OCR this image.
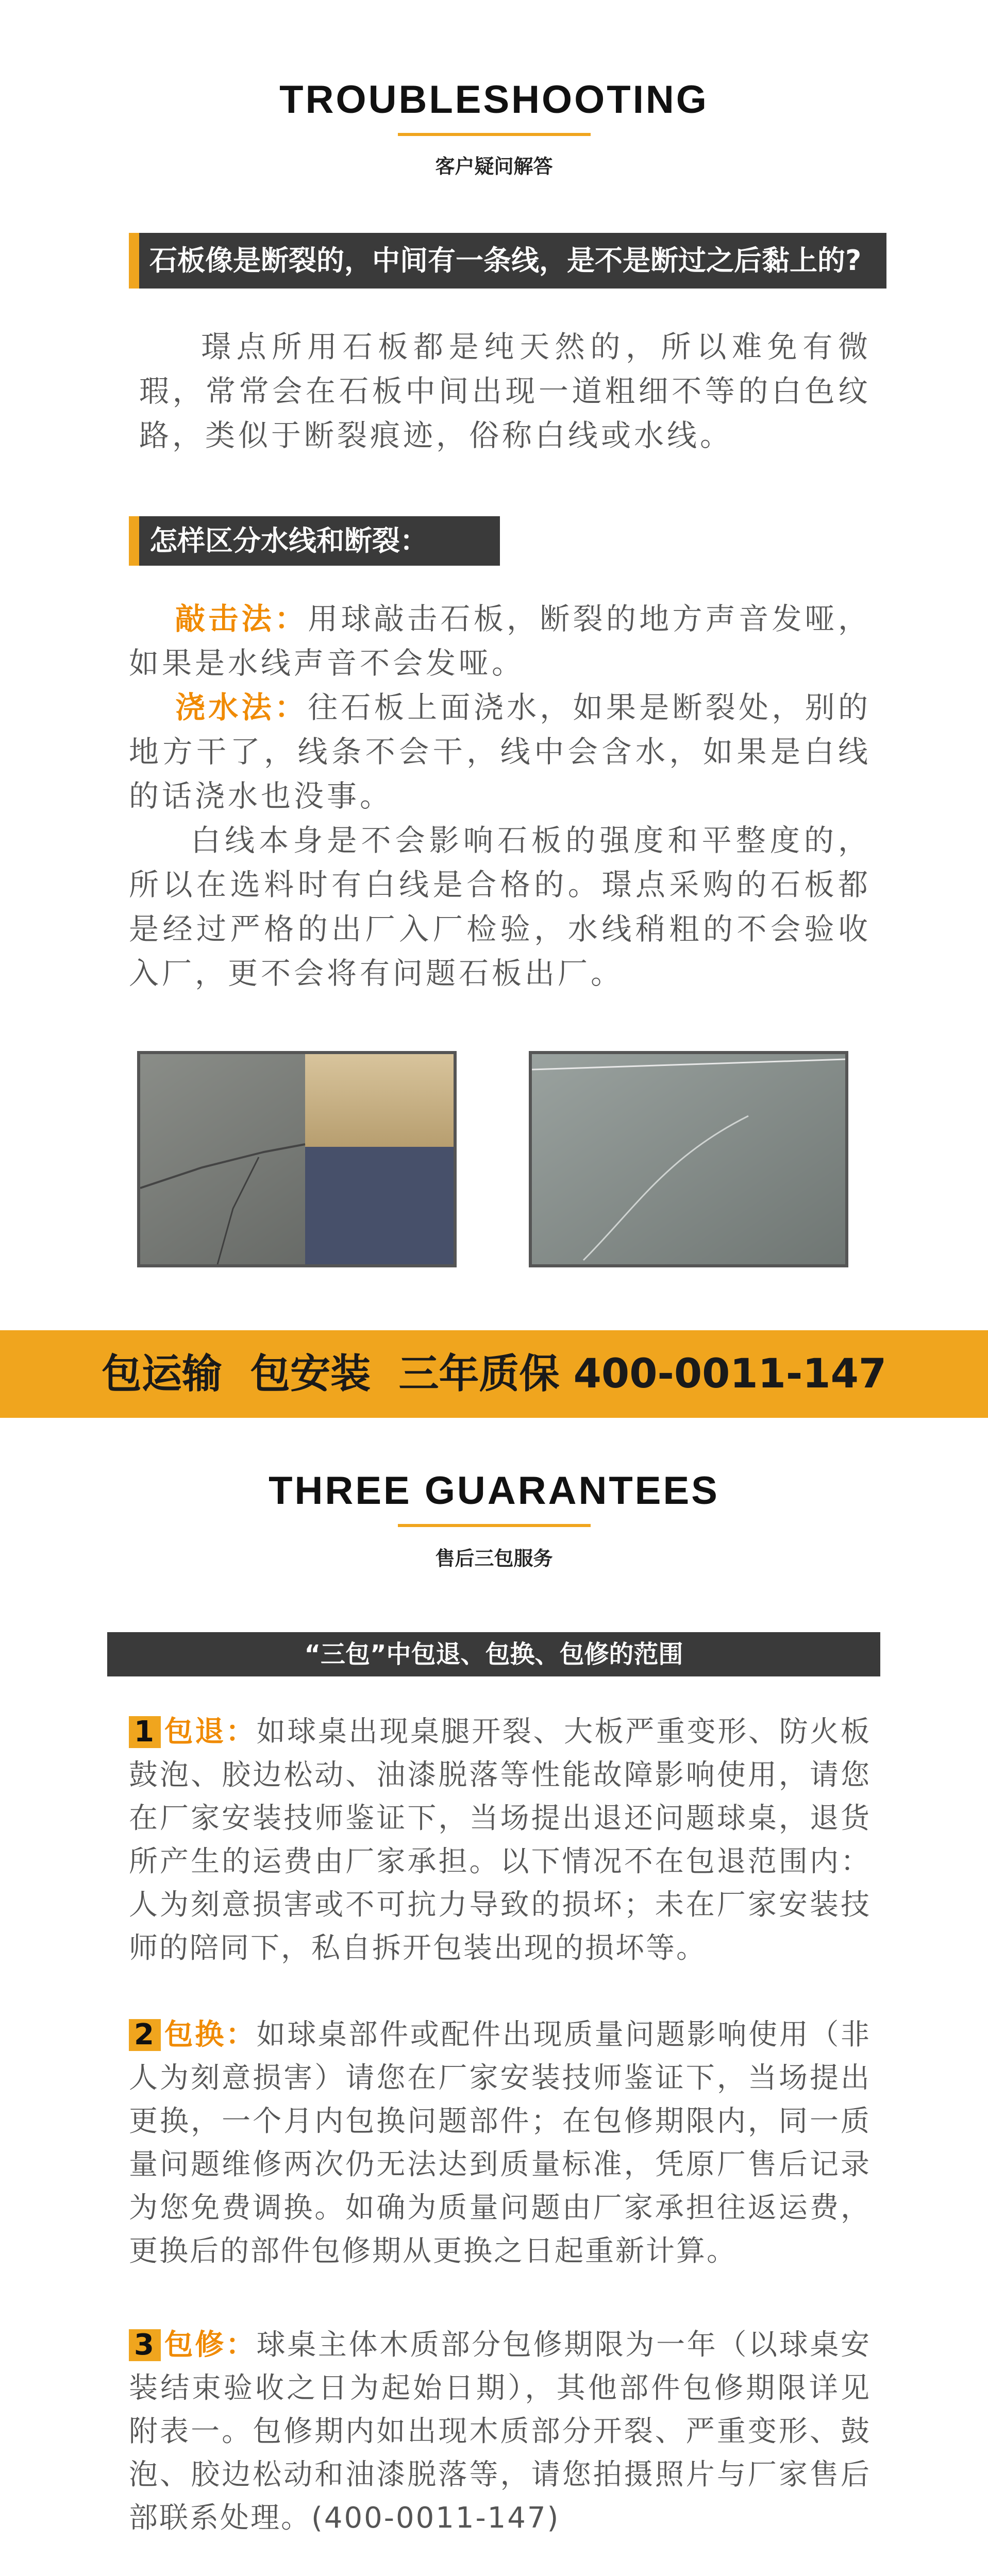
TROUBLESHOOTING
客户疑问解答
石板像是断裂的，中间有一条线，是不是断过之后黏上的?
璟点所用石板都是纯天然的，所以难免有微瑕，常常会在石板中间出现一道粗细不等的白色纹路，类似于断裂痕迹，俗称白线或水线。
怎样区分水线和断裂：
敲击法：用球敲击石板，断裂的地方声音发哑，如果是水线声音不会发哑。
浇水法：往石板上面浇水，如果是断裂处，别的地方干了，线条不会干，线中会含水，如果是白线的话浇水也没事。
白线本身是不会影响石板的强度和平整度的，所以在选料时有白线是合格的。璟点采购的石板都是经过严格的出厂入厂检验，水线稍粗的不会验收入厂，更不会将有问题石板出厂。
包运输  包安装  三年质保 400-0011-147
THREE GUARANTEES
售后三包服务
“三包”中包退、包换、包修的范围
1 包退：如球桌出现桌腿开裂、大板严重变形、防火板鼓泡、胶边松动、油漆脱落等性能故障影响使用，请您在厂家安装技师鉴证下，当场提出退还问题球桌，退货所产生的运费由厂家承担。以下情况不在包退范围内：人为刻意损害或不可抗力导致的损坏；未在厂家安装技师的陪同下，私自拆开包装出现的损坏等。
2 包换：如球桌部件或配件出现质量问题影响使用（非人为刻意损害）请您在厂家安装技师鉴证下，当场提出更换，一个月内包换问题部件；在包修期限内，同一质量问题维修两次仍无法达到质量标准，凭原厂售后记录为您免费调换。如确为质量问题由厂家承担往返运费，更换后的部件包修期从更换之日起重新计算。
3 包修：球桌主体木质部分包修期限为一年（以球桌安装结束验收之日为起始日期），其他部件包修期限详见附表一。包修期内如出现木质部分开裂、严重变形、鼓泡、胶边松动和油漆脱落等，请您拍摄照片与厂家售后部联系处理。(400-0011-147)
